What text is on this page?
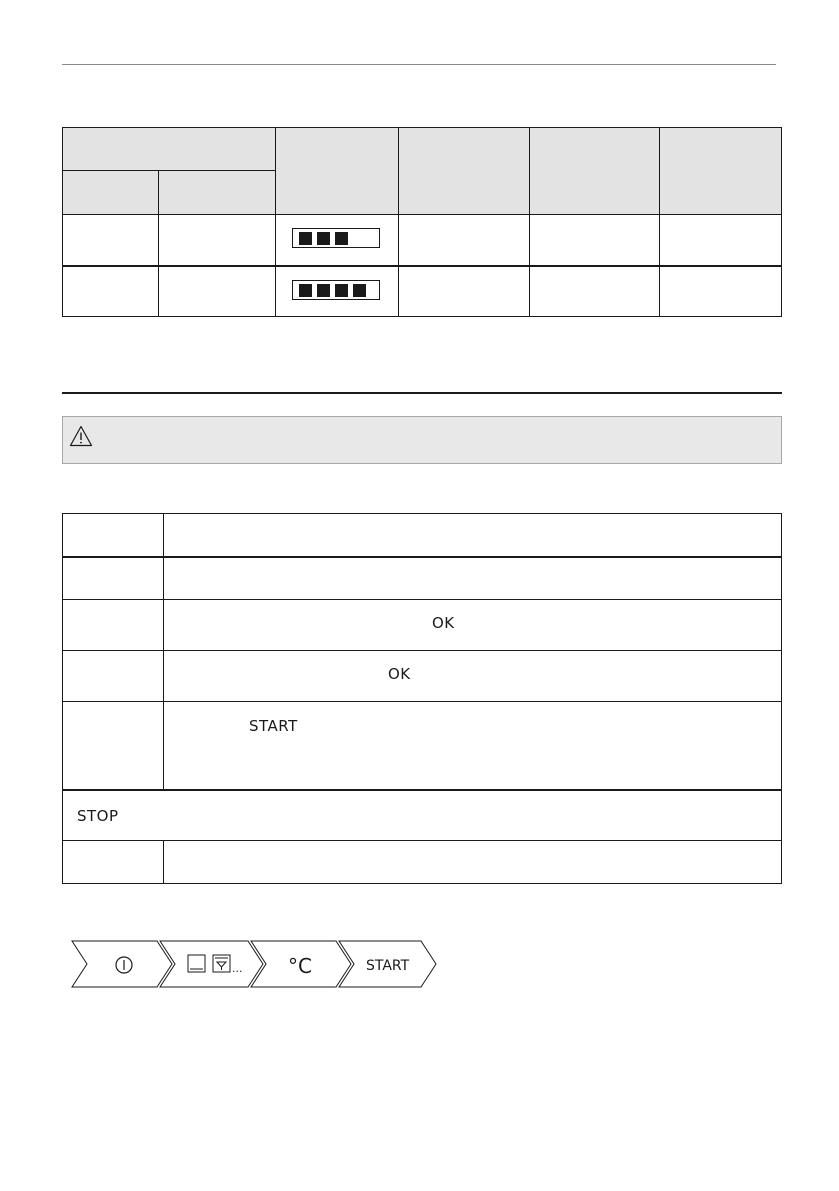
OK
OK
START
STOP
... °C	START
